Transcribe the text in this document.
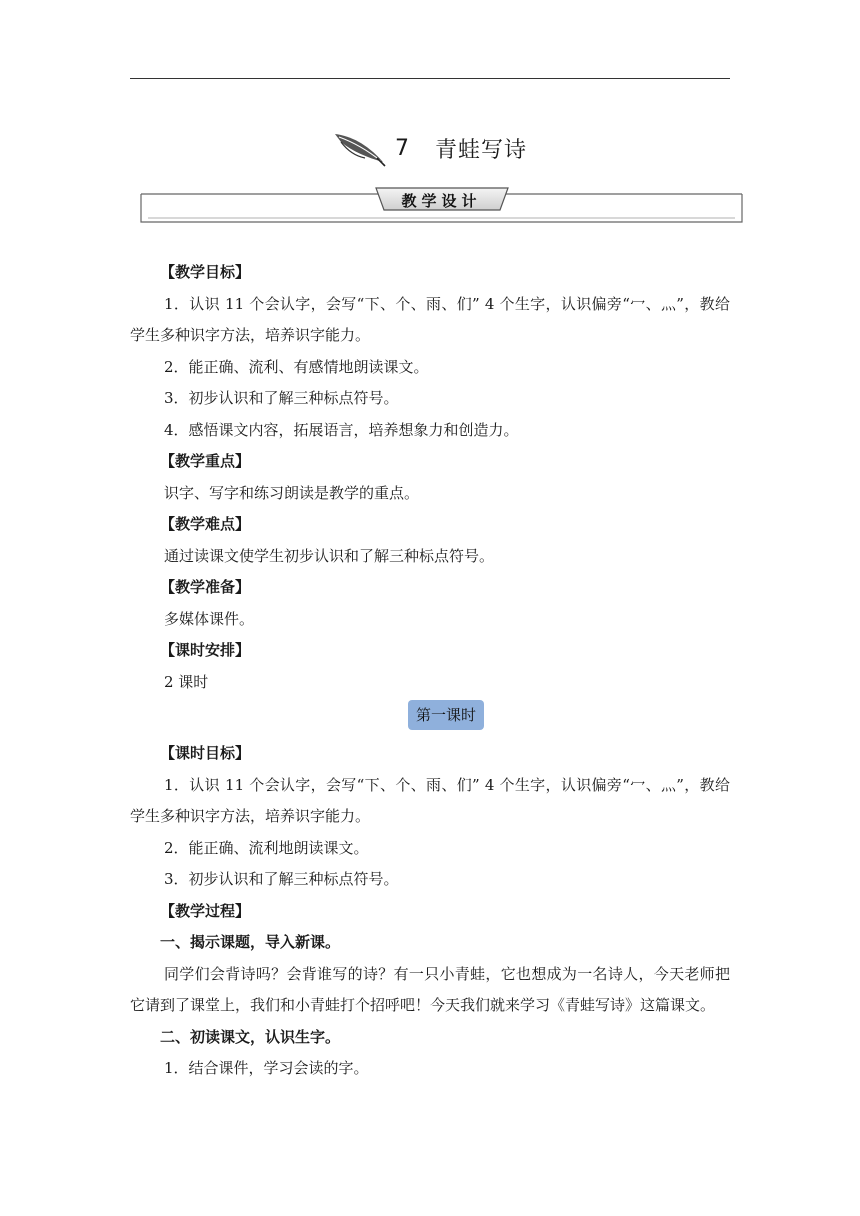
7 青蛙写诗
教学设计
【教学目标】
1．认识 11 个会认字，会写“下、个、雨、们” 4 个生字，认识偏旁“冖、灬”，教给学生多种识字方法，培养识字能力。
2．能正确、流利、有感情地朗读课文。
3．初步认识和了解三种标点符号。
4．感悟课文内容，拓展语言，培养想象力和创造力。
【教学重点】
识字、写字和练习朗读是教学的重点。
【教学难点】
通过读课文使学生初步认识和了解三种标点符号。
【教学准备】
多媒体课件。
【课时安排】
2 课时
第一课时
【课时目标】
1．认识 11 个会认字，会写“下、个、雨、们” 4 个生字，认识偏旁“冖、灬”，教给学生多种识字方法，培养识字能力。
2．能正确、流利地朗读课文。
3．初步认识和了解三种标点符号。
【教学过程】
一、揭示课题，导入新课。
同学们会背诗吗？会背谁写的诗？有一只小青蛙，它也想成为一名诗人，今天老师把它请到了课堂上，我们和小青蛙打个招呼吧！今天我们就来学习《青蛙写诗》这篇课文。
二、初读课文，认识生字。
1．结合课件，学习会读的字。
